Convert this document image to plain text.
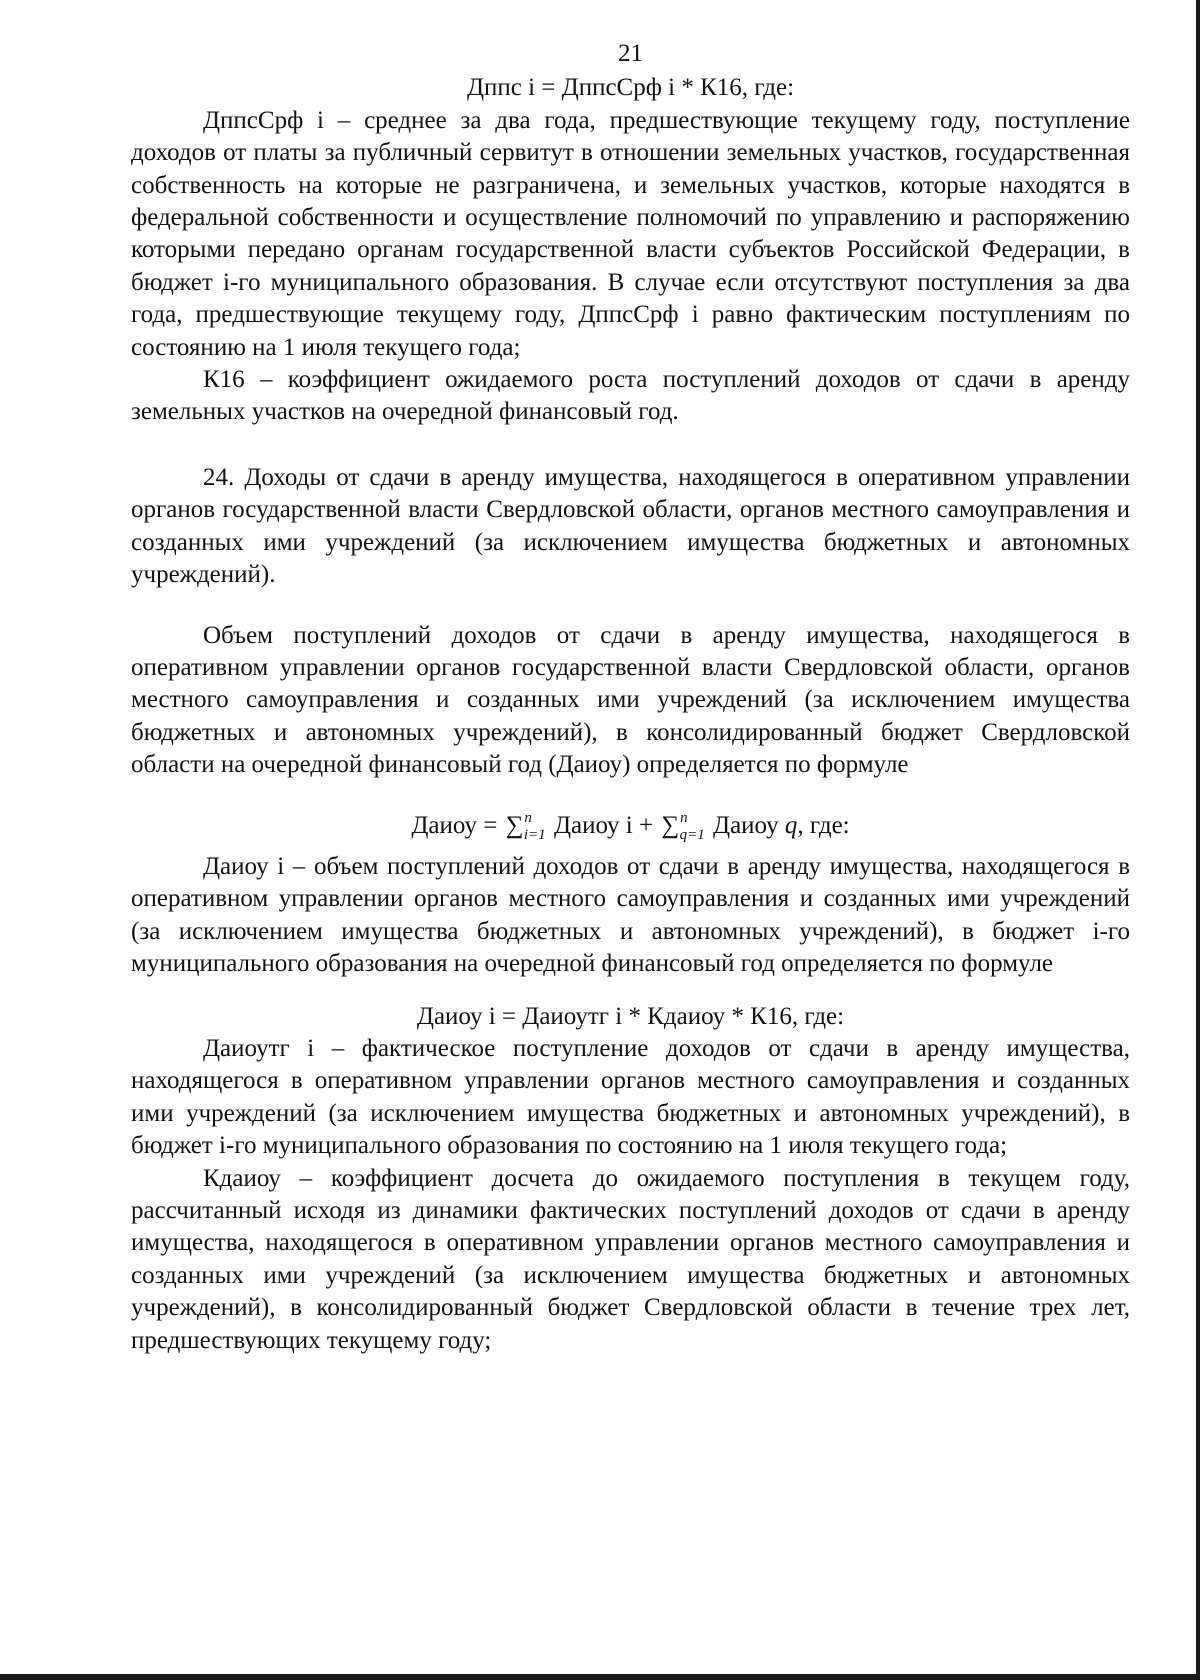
21
Дппс i = ДппсСрф i * К16, где:

ДппсСрф i – среднее за два года, предшествующие текущему году, поступление доходов от платы за публичный сервитут в отношении земельных участков, государственная собственность на которые не разграничена, и земельных участков, которые находятся в федеральной собственности и осуществление полномочий по управлению и распоряжению которыми передано органам государственной власти субъектов Российской Федерации, в бюджет i-го муниципального образования. В случае если отсутствуют поступления за два года, предшествующие текущему году, ДппсСрф i равно фактическим поступлениям по состоянию на 1 июля текущего года;

К16 – коэффициент ожидаемого роста поступлений доходов от сдачи в аренду земельных участков на очередной финансовый год.

24. Доходы от сдачи в аренду имущества, находящегося в оперативном управлении органов государственной власти Свердловской области, органов местного самоуправления и созданных ими учреждений (за исключением имущества бюджетных и автономных учреждений).

Объем поступлений доходов от сдачи в аренду имущества, находящегося в оперативном управлении органов государственной власти Свердловской области, органов местного самоуправления и созданных ими учреждений (за исключением имущества бюджетных и автономных учреждений), в консолидированный бюджет Свердловской области на очередной финансовый год (Даиоу) определяется по формуле

Даиоу = ∑$^n_{i=1}$ Даиоу i + ∑$^n_{q=1}$ Даиоу q, где:

Даиоу i – объем поступлений доходов от сдачи в аренду имущества, находящегося в оперативном управлении органов местного самоуправления и созданных ими учреждений (за исключением имущества бюджетных и автономных учреждений), в бюджет i-го муниципального образования на очередной финансовый год определяется по формуле

Даиоу i = Даиоутг i * Кдаиоу * К16, где:

Даиоутг i – фактическое поступление доходов от сдачи в аренду имущества, находящегося в оперативном управлении органов местного самоуправления и созданных ими учреждений (за исключением имущества бюджетных и автономных учреждений), в бюджет i-го муниципального образования по состоянию на 1 июля текущего года;

Кдаиоу – коэффициент досчета до ожидаемого поступления в текущем году, рассчитанный исходя из динамики фактических поступлений доходов от сдачи в аренду имущества, находящегося в оперативном управлении органов местного самоуправления и созданных ими учреждений (за исключением имущества бюджетных и автономных учреждений), в консолидированный бюджет Свердловской области в течение трех лет, предшествующих текущему году;
